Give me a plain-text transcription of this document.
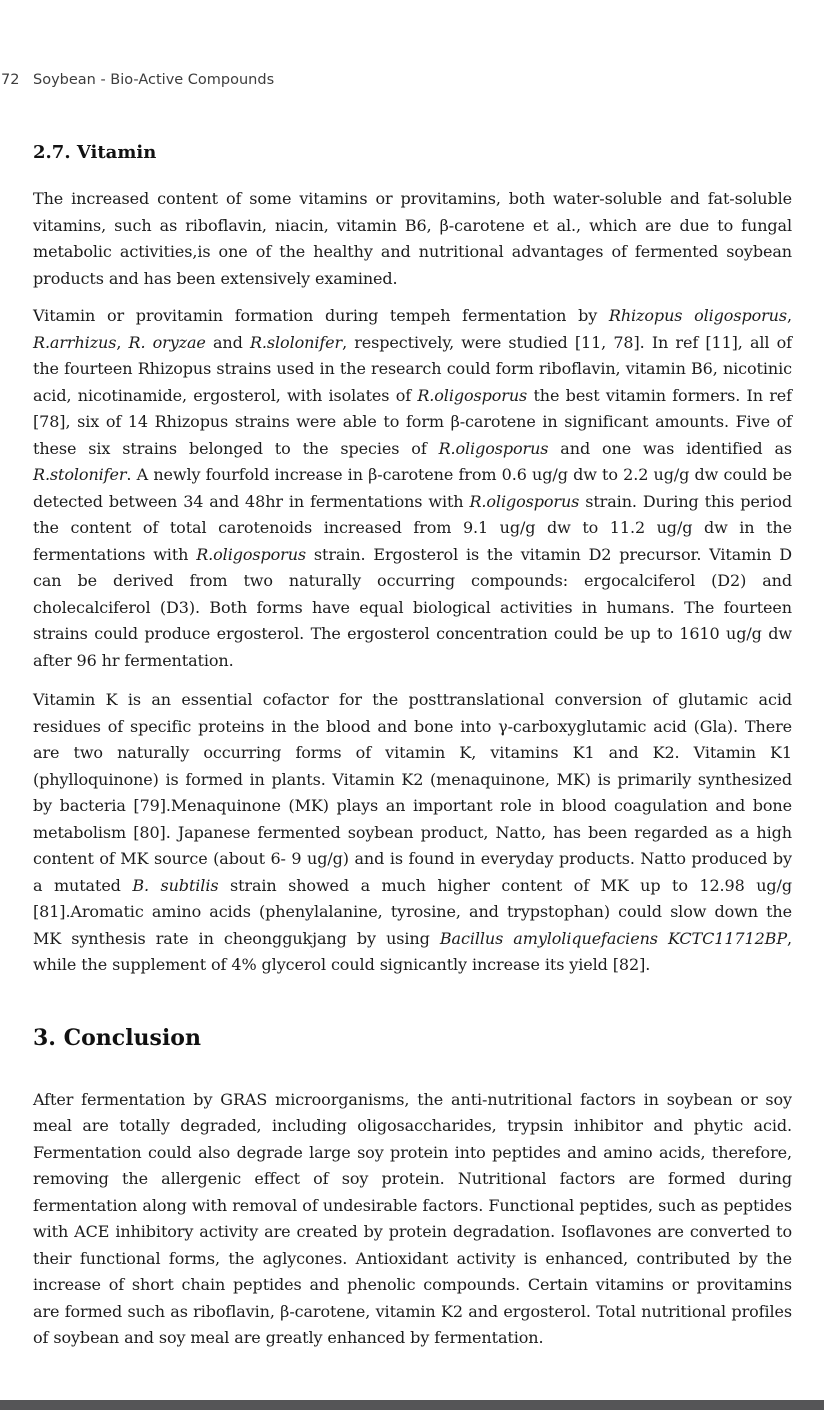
72 Soybean - Bio-Active Compounds
2.7. Vitamin

The increased content of some vitamins or provitamins, both water-soluble and fat-soluble vitamins, such as riboflavin, niacin, vitamin B6, β-carotene et al., which are due to fungal metabolic activities,is one of the healthy and nutritional advantages of fermented soybean products and has been extensively examined.

Vitamin or provitamin formation during tempeh fermentation by Rhizopus oligosporus, R.arrhizus, R. oryzae and R.slolonifer, respectively, were studied [11, 78]. In ref [11], all of the fourteen Rhizopus strains used in the research could form riboflavin, vitamin B6, nicotinic acid, nicotinamide, ergosterol, with isolates of R.oligosporus the best vitamin formers. In ref [78], six of 14 Rhizopus strains were able to form β-carotene in significant amounts. Five of these six strains belonged to the species of R.oligosporus and one was identified as R.stolonifer. A newly fourfold increase in β-carotene from 0.6 ug/g dw to 2.2 ug/g dw could be detected between 34 and 48hr in fermentations with R.oligosporus strain. During this period the content of total carotenoids increased from 9.1 ug/g dw to 11.2 ug/g dw in the fermentations with R.oligosporus strain. Ergosterol is the vitamin D2 precursor. Vitamin D can be derived from two naturally occurring compounds: ergocalciferol (D2) and cholecalciferol (D3). Both forms have equal biological activities in humans. The fourteen strains could produce ergosterol. The ergosterol concentration could be up to 1610 ug/g dw after 96 hr fermentation.

Vitamin K is an essential cofactor for the posttranslational conversion of glutamic acid residues of specific proteins in the blood and bone into γ-carboxyglutamic acid (Gla). There are two naturally occurring forms of vitamin K, vitamins K1 and K2. Vitamin K1 (phylloquinone) is formed in plants. Vitamin K2 (menaquinone, MK) is primarily synthesized by bacteria [79].Menaquinone (MK) plays an important role in blood coagulation and bone metabolism [80]. Japanese fermented soybean product, Natto, has been regarded as a high content of MK source (about 6- 9 ug/g) and is found in everyday products. Natto produced by a mutated B. subtilis strain showed a much higher content of MK up to 12.98 ug/g [81].Aromatic amino acids (phenylalanine, tyrosine, and trypstophan) could slow down the MK synthesis rate in cheonggukjang by using Bacillus amyloliquefaciens KCTC11712BP, while the supplement of 4% glycerol could signicantly increase its yield [82].

3. Conclusion

After fermentation by GRAS microorganisms, the anti-nutritional factors in soybean or soy meal are totally degraded, including oligosaccharides, trypsin inhibitor and phytic acid. Fermentation could also degrade large soy protein into peptides and amino acids, therefore, removing the allergenic effect of soy protein. Nutritional factors are formed during fermentation along with removal of undesirable factors. Functional peptides, such as peptides with ACE inhibitory activity are created by protein degradation. Isoflavones are converted to their functional forms, the aglycones. Antioxidant activity is enhanced, contributed by the increase of short chain peptides and phenolic compounds. Certain vitamins or provitamins are formed such as riboflavin, β-carotene, vitamin K2 and ergosterol. Total nutritional profiles of soybean and soy meal are greatly enhanced by fermentation.
